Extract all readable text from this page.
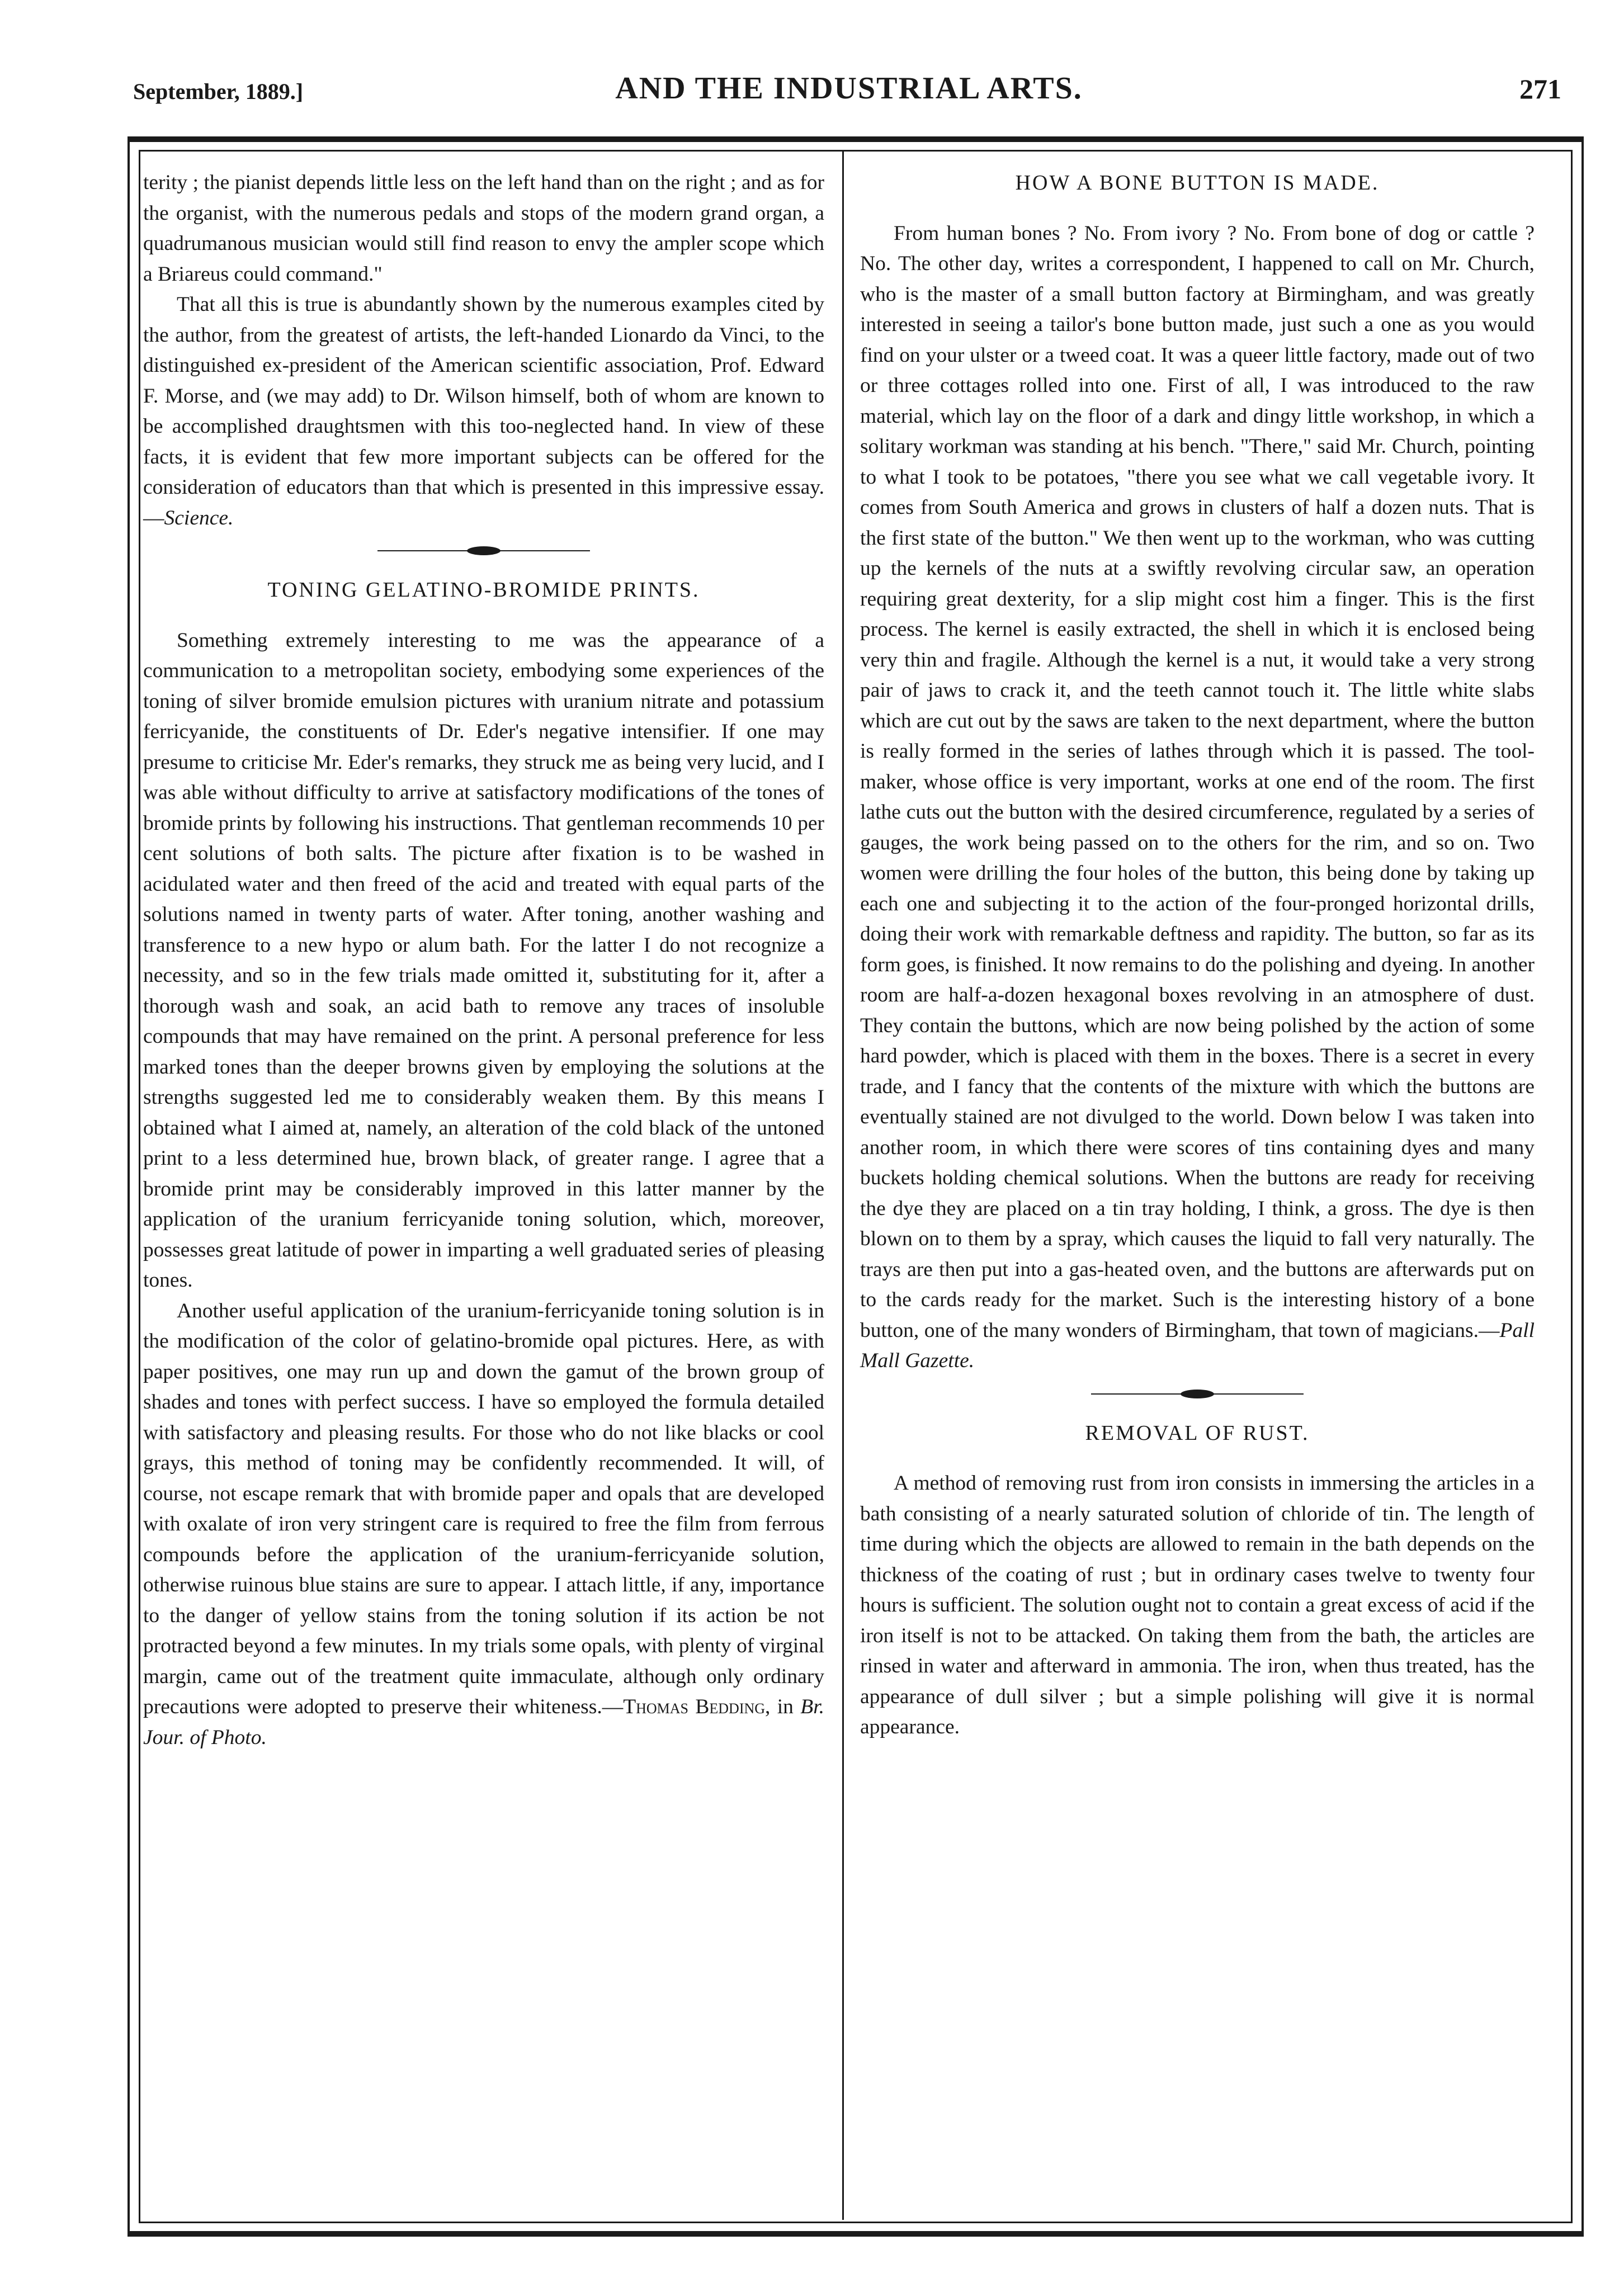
September, 1889.]	AND THE INDUSTRIAL ARTS.	271

terity ; the pianist depends little less on the left hand than on the right ; and as for the organist, with the numerous pedals and stops of the modern grand organ, a quadrumanous musician would still find reason to envy the ampler scope which a Briareus could command."

That all this is true is abundantly shown by the numerous examples cited by the author, from the greatest of artists, the left-handed Lionardo da Vinci, to the distinguished ex-president of the American scientific association, Prof. Edward F. Morse, and (we may add) to Dr. Wilson himself, both of whom are known to be accomplished draughtsmen with this too-neglected hand. In view of these facts, it is evident that few more important subjects can be offered for the consideration of educators than that which is presented in this impressive essay.—Science.

TONING GELATINO-BROMIDE PRINTS.

Something extremely interesting to me was the appearance of a communication to a metropolitan society, embodying some experiences of the toning of silver bromide emulsion pictures with uranium nitrate and potassium ferricyanide, the constituents of Dr. Eder's negative intensifier. If one may presume to criticise Mr. Eder's remarks, they struck me as being very lucid, and I was able without difficulty to arrive at satisfactory modifications of the tones of bromide prints by following his instructions. That gentleman recommends 10 per cent solutions of both salts. The picture after fixation is to be washed in acidulated water and then freed of the acid and treated with equal parts of the solutions named in twenty parts of water. After toning, another washing and transference to a new hypo or alum bath. For the latter I do not recognize a necessity, and so in the few trials made omitted it, substituting for it, after a thorough wash and soak, an acid bath to remove any traces of insoluble compounds that may have remained on the print. A personal preference for less marked tones than the deeper browns given by employing the solutions at the strengths suggested led me to considerably weaken them. By this means I obtained what I aimed at, namely, an alteration of the cold black of the untoned print to a less determined hue, brown black, of greater range. I agree that a bromide print may be considerably improved in this latter manner by the application of the uranium ferricyanide toning solution, which, moreover, possesses great latitude of power in imparting a well graduated series of pleasing tones.

Another useful application of the uranium-ferricyanide toning solution is in the modification of the color of gelatino-bromide opal pictures. Here, as with paper positives, one may run up and down the gamut of the brown group of shades and tones with perfect success. I have so employed the formula detailed with satisfactory and pleasing results. For those who do not like blacks or cool grays, this method of toning may be confidently recommended. It will, of course, not escape remark that with bromide paper and opals that are developed with oxalate of iron very stringent care is required to free the film from ferrous compounds before the application of the uranium-ferricyanide solution, otherwise ruinous blue stains are sure to appear. I attach little, if any, importance to the danger of yellow stains from the toning solution if its action be not protracted beyond a few minutes. In my trials some opals, with plenty of virginal margin, came out of the treatment quite immaculate, although only ordinary precautions were adopted to preserve their whiteness.—Thomas Bedding, in Br. Jour. of Photo.

HOW A BONE BUTTON IS MADE.

From human bones ? No. From ivory ? No. From bone of dog or cattle ? No. The other day, writes a correspondent, I happened to call on Mr. Church, who is the master of a small button factory at Birmingham, and was greatly interested in seeing a tailor's bone button made, just such a one as you would find on your ulster or a tweed coat. It was a queer little factory, made out of two or three cottages rolled into one. First of all, I was introduced to the raw material, which lay on the floor of a dark and dingy little workshop, in which a solitary workman was standing at his bench. "There," said Mr. Church, pointing to what I took to be potatoes, "there you see what we call vegetable ivory. It comes from South America and grows in clusters of half a dozen nuts. That is the first state of the button." We then went up to the workman, who was cutting up the kernels of the nuts at a swiftly revolving circular saw, an operation requiring great dexterity, for a slip might cost him a finger. This is the first process. The kernel is easily extracted, the shell in which it is enclosed being very thin and fragile. Although the kernel is a nut, it would take a very strong pair of jaws to crack it, and the teeth cannot touch it. The little white slabs which are cut out by the saws are taken to the next department, where the button is really formed in the series of lathes through which it is passed. The tool-maker, whose office is very important, works at one end of the room. The first lathe cuts out the button with the desired circumference, regulated by a series of gauges, the work being passed on to the others for the rim, and so on. Two women were drilling the four holes of the button, this being done by taking up each one and subjecting it to the action of the four-pronged horizontal drills, doing their work with remarkable deftness and rapidity. The button, so far as its form goes, is finished. It now remains to do the polishing and dyeing. In another room are half-a-dozen hexagonal boxes revolving in an atmosphere of dust. They contain the buttons, which are now being polished by the action of some hard powder, which is placed with them in the boxes. There is a secret in every trade, and I fancy that the contents of the mixture with which the buttons are eventually stained are not divulged to the world. Down below I was taken into another room, in which there were scores of tins containing dyes and many buckets holding chemical solutions. When the buttons are ready for receiving the dye they are placed on a tin tray holding, I think, a gross. The dye is then blown on to them by a spray, which causes the liquid to fall very naturally. The trays are then put into a gas-heated oven, and the buttons are afterwards put on to the cards ready for the market. Such is the interesting history of a bone button, one of the many wonders of Birmingham, that town of magicians.—Pall Mall Gazette.

REMOVAL OF RUST.

A method of removing rust from iron consists in immersing the articles in a bath consisting of a nearly saturated solution of chloride of tin. The length of time during which the objects are allowed to remain in the bath depends on the thickness of the coating of rust ; but in ordinary cases twelve to twenty four hours is sufficient. The solution ought not to contain a great excess of acid if the iron itself is not to be attacked. On taking them from the bath, the articles are rinsed in water and afterward in ammonia. The iron, when thus treated, has the appearance of dull silver ; but a simple polishing will give it is normal appearance.
